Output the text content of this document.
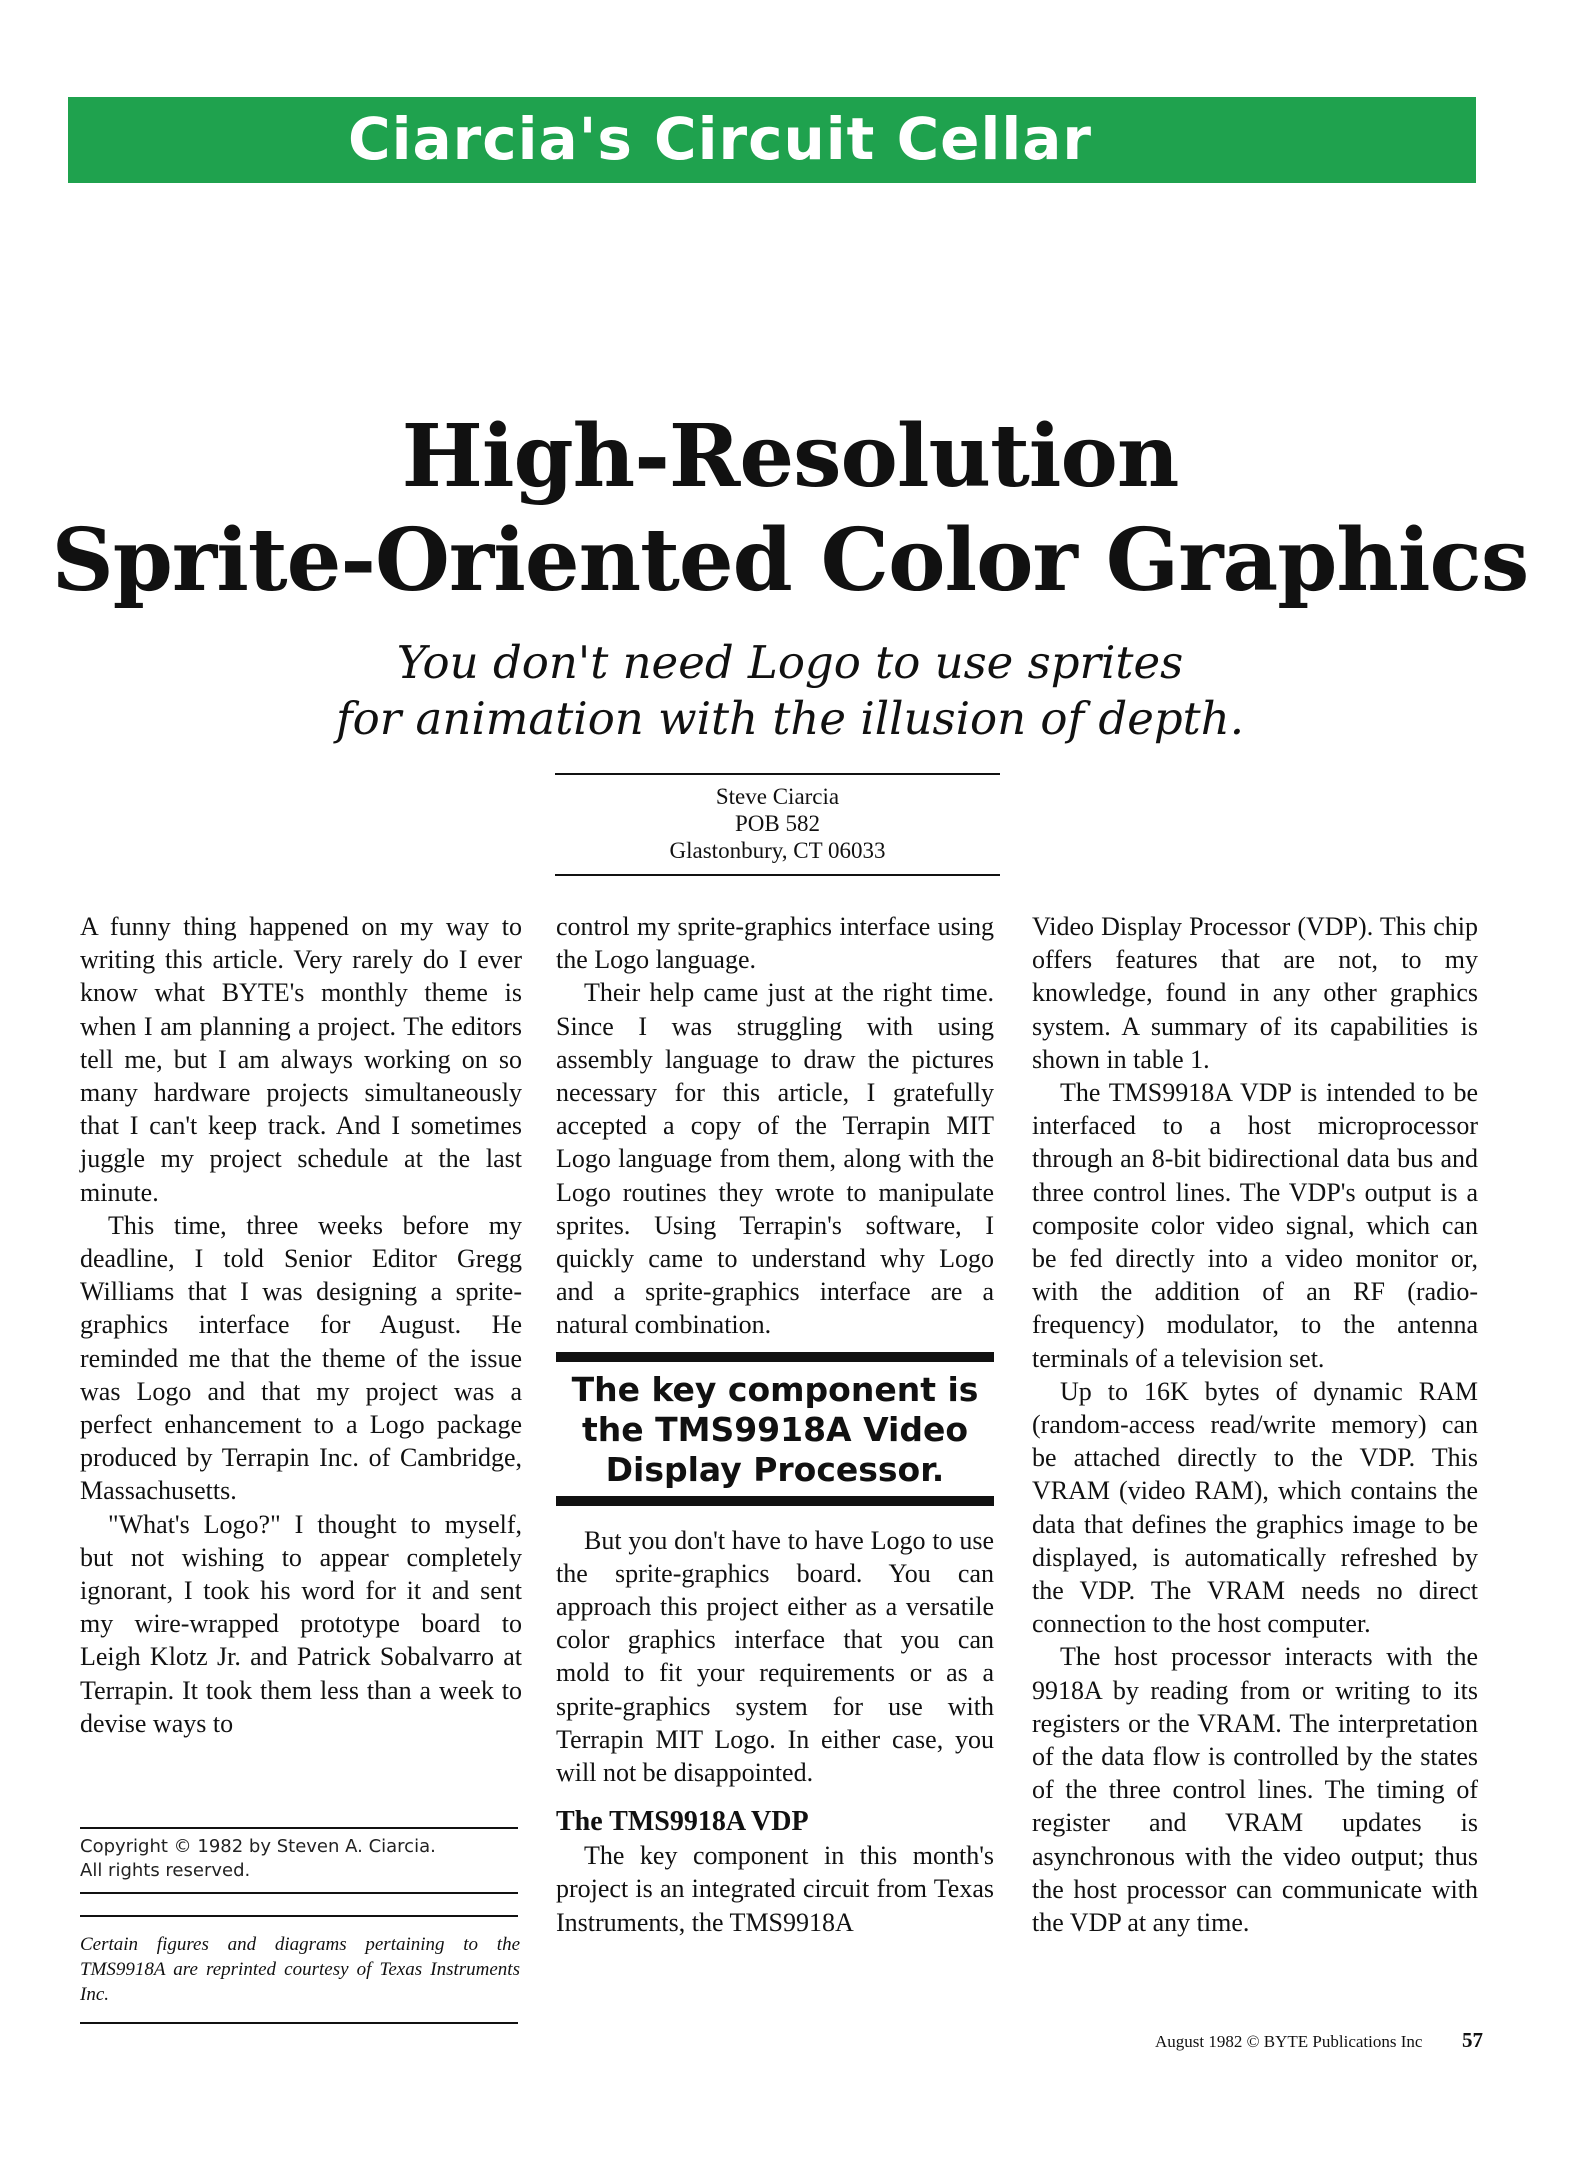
Ciarcia's Circuit Cellar
High-Resolution
Sprite-Oriented Color Graphics
You don't need Logo to use sprites
for animation with the illusion of depth.
Steve Ciarcia
POB 582
Glastonbury, CT 06033

A funny thing happened on my way to writing this article. Very rarely do I ever know what BYTE's monthly theme is when I am planning a project. The editors tell me, but I am always working on so many hardware projects simultaneously that I can't keep track. And I sometimes juggle my project schedule at the last minute.

This time, three weeks before my deadline, I told Senior Editor Gregg Williams that I was designing a sprite-graphics interface for August. He reminded me that the theme of the issue was Logo and that my project was a perfect enhancement to a Logo package produced by Terrapin Inc. of Cambridge, Massachusetts.

"What's Logo?" I thought to myself, but not wishing to appear completely ignorant, I took his word for it and sent my wire-wrapped prototype board to Leigh Klotz Jr. and Patrick Sobalvarro at Terrapin. It took them less than a week to devise ways to

Copyright © 1982 by Steven A. Ciarcia.
All rights reserved.
Certain figures and diagrams pertaining to the TMS9918A are reprinted courtesy of Texas Instruments Inc.

control my sprite-graphics interface using the Logo language.

Their help came just at the right time. Since I was struggling with using assembly language to draw the pictures necessary for this article, I gratefully accepted a copy of the Terrapin MIT Logo language from them, along with the Logo routines they wrote to manipulate sprites. Using Terrapin's software, I quickly came to understand why Logo and a sprite-graphics interface are a natural combination.

The key component is the TMS9918A Video Display Processor.

But you don't have to have Logo to use the sprite-graphics board. You can approach this project either as a versatile color graphics interface that you can mold to fit your requirements or as a sprite-graphics system for use with Terrapin MIT Logo. In either case, you will not be disappointed.

The TMS9918A VDP

The key component in this month's project is an integrated circuit from Texas Instruments, the TMS9918A

Video Display Processor (VDP). This chip offers features that are not, to my knowledge, found in any other graphics system. A summary of its capabilities is shown in table 1.

The TMS9918A VDP is intended to be interfaced to a host microprocessor through an 8-bit bidirectional data bus and three control lines. The VDP's output is a composite color video signal, which can be fed directly into a video monitor or, with the addition of an RF (radio-frequency) modulator, to the antenna terminals of a television set.

Up to 16K bytes of dynamic RAM (random-access read/write memory) can be attached directly to the VDP. This VRAM (video RAM), which contains the data that defines the graphics image to be displayed, is automatically refreshed by the VDP. The VRAM needs no direct connection to the host computer.

The host processor interacts with the 9918A by reading from or writing to its registers or the VRAM. The interpretation of the data flow is controlled by the states of the three control lines. The timing of register and VRAM updates is asynchronous with the video output; thus the host processor can communicate with the VDP at any time.

August 1982 © BYTE Publications Inc 57
